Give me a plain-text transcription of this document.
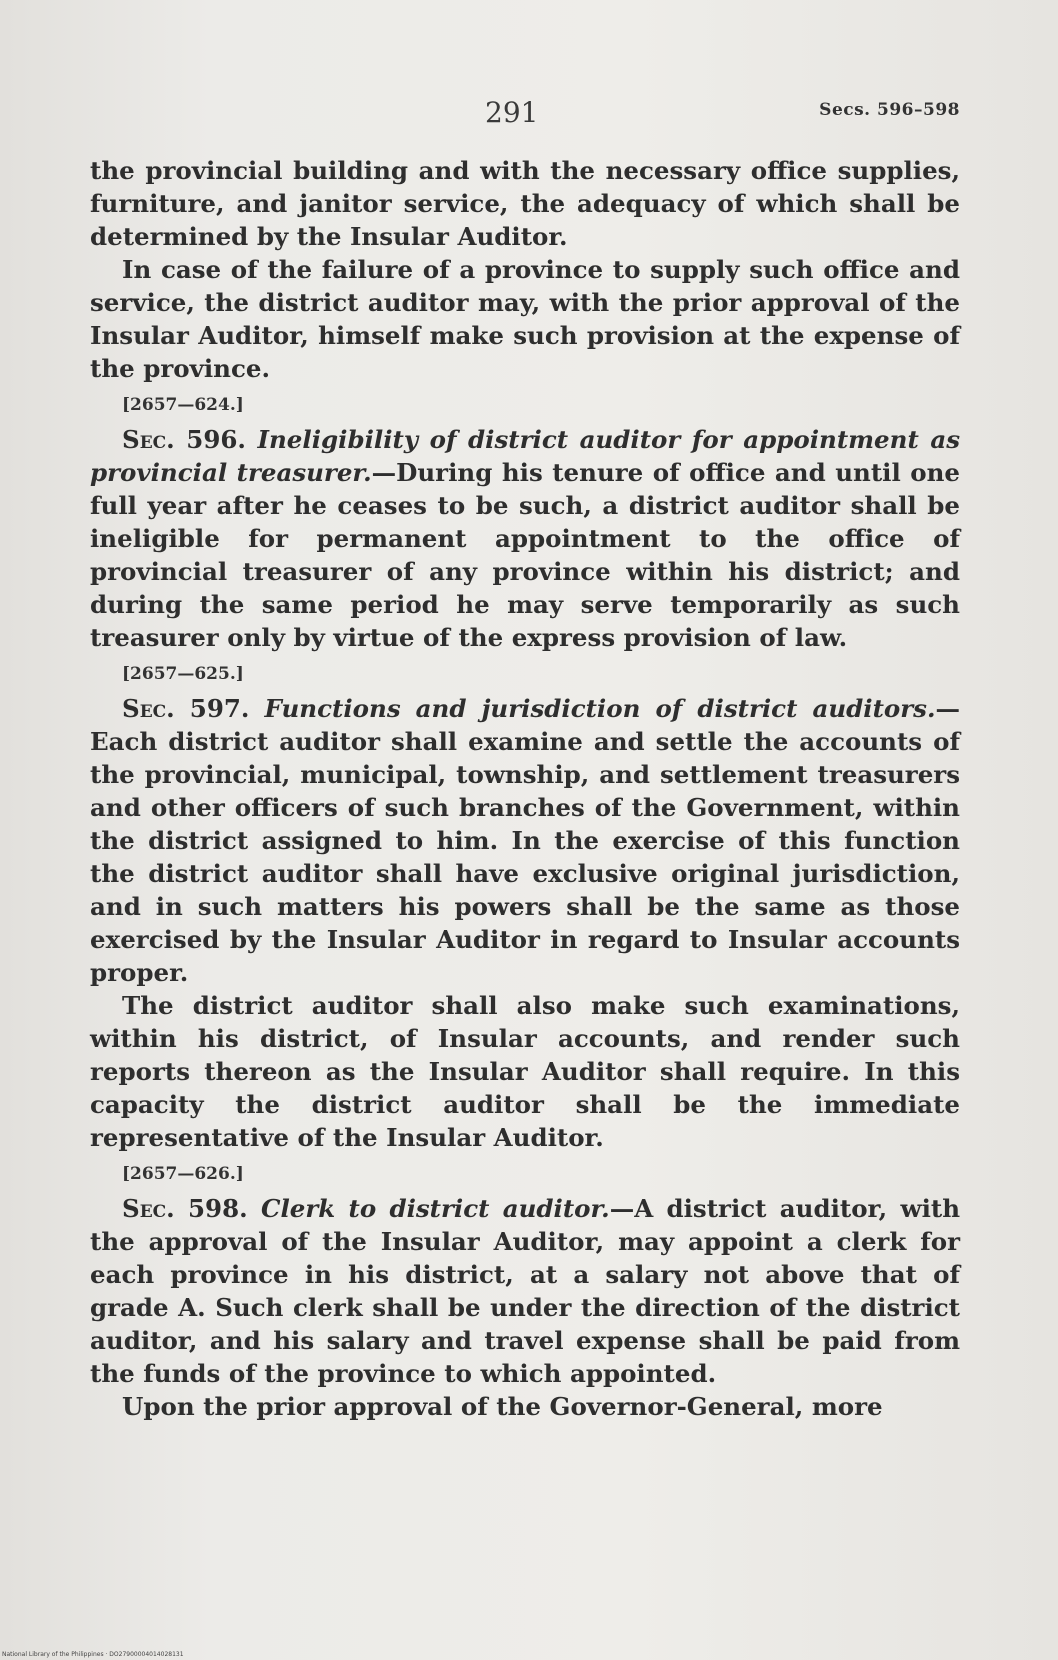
291	Secs. 596–598

the provincial building and with the necessary office supplies, furniture, and janitor service, the adequacy of which shall be determined by the Insular Auditor.

In case of the failure of a province to supply such office and service, the district auditor may, with the prior approval of the Insular Auditor, himself make such provision at the expense of the province.

[2657—624.]

Sec. 596. Ineligibility of district auditor for appointment as provincial treasurer.—During his tenure of office and until one full year after he ceases to be such, a district auditor shall be ineligible for permanent appointment to the office of provincial treasurer of any province within his district; and during the same period he may serve temporarily as such treasurer only by virtue of the express provision of law.

[2657—625.]

Sec. 597. Functions and jurisdiction of district auditors.—Each district auditor shall examine and settle the accounts of the provincial, municipal, township, and settlement treasurers and other officers of such branches of the Government, within the district assigned to him. In the exercise of this function the district auditor shall have exclusive original jurisdiction, and in such matters his powers shall be the same as those exercised by the Insular Auditor in regard to Insular accounts proper.

The district auditor shall also make such examinations, within his district, of Insular accounts, and render such reports thereon as the Insular Auditor shall require. In this capacity the district auditor shall be the immediate representative of the Insular Auditor.

[2657—626.]

Sec. 598. Clerk to district auditor.—A district auditor, with the approval of the Insular Auditor, may appoint a clerk for each province in his district, at a salary not above that of grade A. Such clerk shall be under the direction of the district auditor, and his salary and travel expense shall be paid from the funds of the province to which appointed.

Upon the prior approval of the Governor-General, more

National Library of the Philippines · DO27900004014028131
